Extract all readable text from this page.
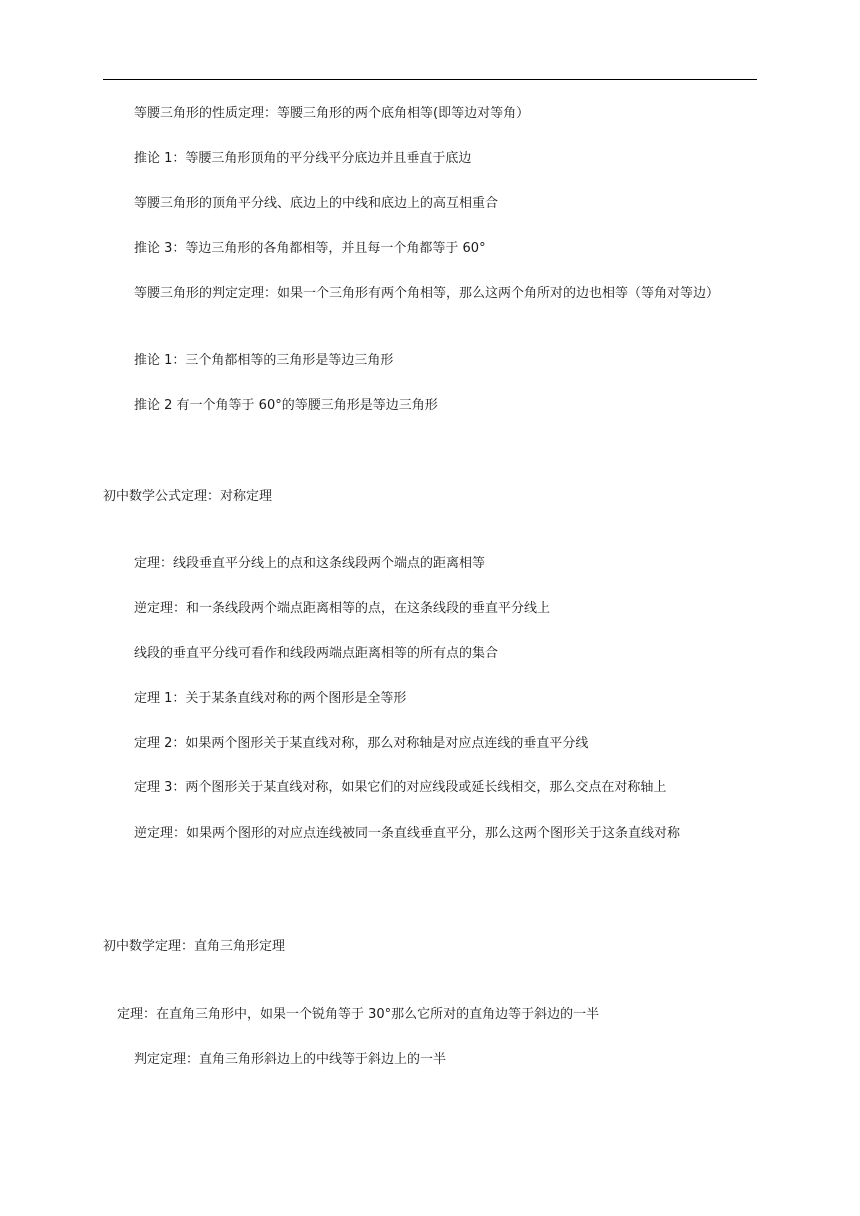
等腰三角形的性质定理：等腰三角形的两个底角相等(即等边对等角）
推论 1：等腰三角形顶角的平分线平分底边并且垂直于底边
等腰三角形的顶角平分线、底边上的中线和底边上的高互相重合
推论 3：等边三角形的各角都相等，并且每一个角都等于 60°
等腰三角形的判定定理：如果一个三角形有两个角相等，那么这两个角所对的边也相等（等角对等边）
推论 1：三个角都相等的三角形是等边三角形
推论 2 有一个角等于 60°的等腰三角形是等边三角形
初中数学公式定理：对称定理
定理：线段垂直平分线上的点和这条线段两个端点的距离相等
逆定理：和一条线段两个端点距离相等的点，在这条线段的垂直平分线上
线段的垂直平分线可看作和线段两端点距离相等的所有点的集合
定理 1：关于某条直线对称的两个图形是全等形
定理 2：如果两个图形关于某直线对称，那么对称轴是对应点连线的垂直平分线
定理 3：两个图形关于某直线对称，如果它们的对应线段或延长线相交，那么交点在对称轴上
逆定理：如果两个图形的对应点连线被同一条直线垂直平分，那么这两个图形关于这条直线对称
初中数学定理：直角三角形定理
定理：在直角三角形中，如果一个锐角等于 30°那么它所对的直角边等于斜边的一半
判定定理：直角三角形斜边上的中线等于斜边上的一半
